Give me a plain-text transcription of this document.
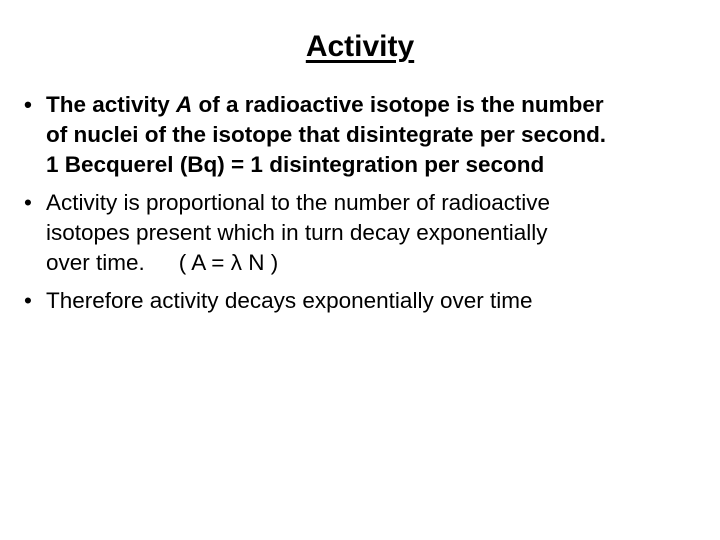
Activity
• The activity A of a radioactive isotope is the number
of nuclei of the isotope that disintegrate per second.
1 Becquerel (Bq) = 1 disintegration per second
• Activity is proportional to the number of radioactive
isotopes present which in turn decay exponentially
over time. ( A = λ N )
• Therefore activity decays exponentially over time
